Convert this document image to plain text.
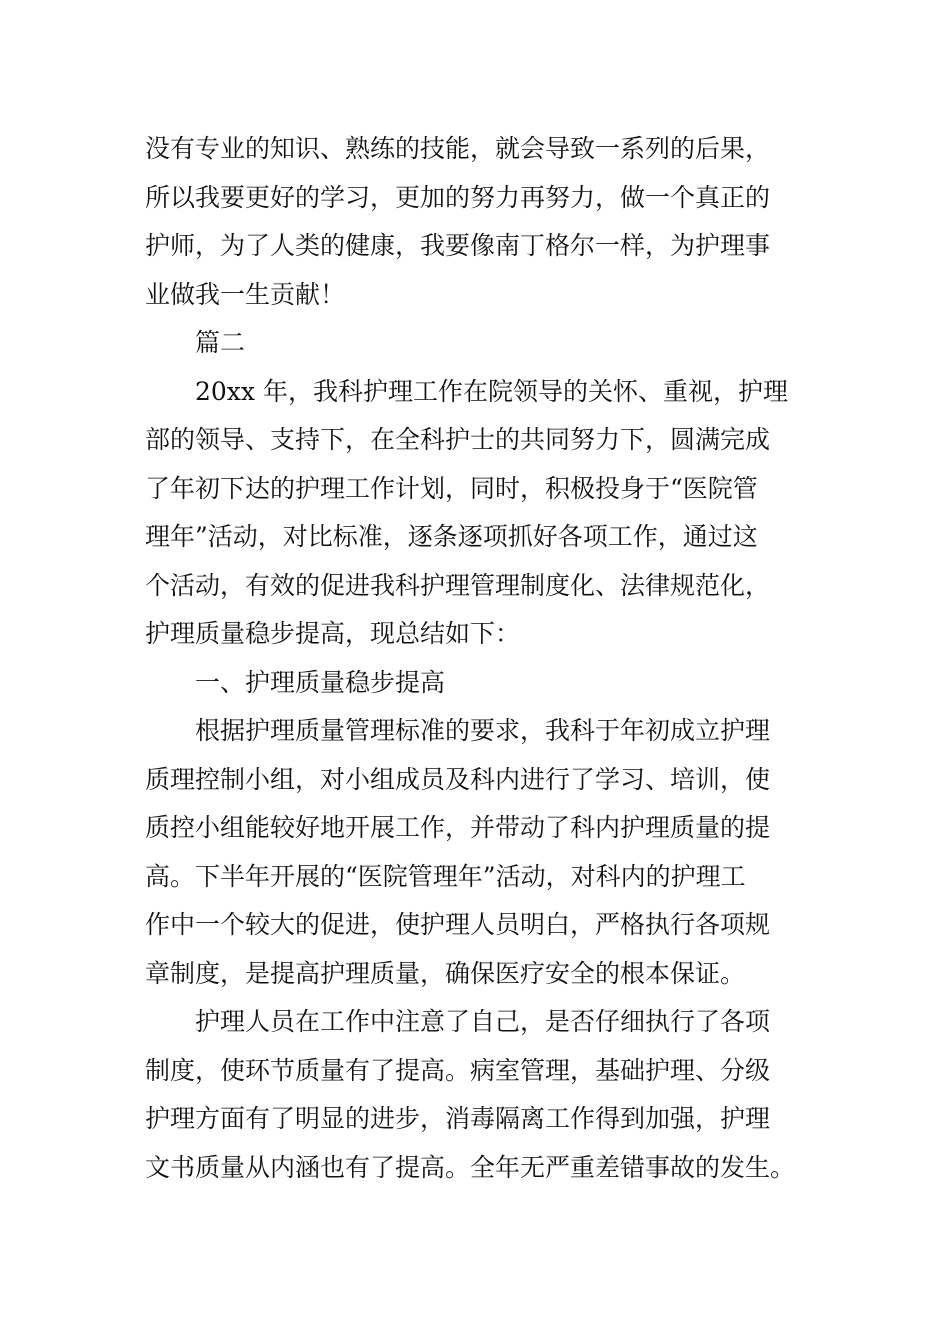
没有专业的知识、熟练的技能，就会导致一系列的后果，
所以我要更好的学习，更加的努力再努力，做一个真正的
护师，为了人类的健康，我要像南丁格尔一样，为护理事
业做我一生贡献！
篇二
20xx 年，我科护理工作在院领导的关怀、重视，护理
部的领导、支持下，在全科护士的共同努力下，圆满完成
了年初下达的护理工作计划，同时，积极投身于“医院管
理年”活动，对比标准，逐条逐项抓好各项工作，通过这
个活动，有效的促进我科护理管理制度化、法律规范化，
护理质量稳步提高，现总结如下：
一、护理质量稳步提高
根据护理质量管理标准的要求，我科于年初成立护理
质理控制小组，对小组成员及科内进行了学习、培训，使
质控小组能较好地开展工作，并带动了科内护理质量的提
高。下半年开展的“医院管理年”活动，对科内的护理工
作中一个较大的促进，使护理人员明白，严格执行各项规
章制度，是提高护理质量，确保医疗安全的根本保证。
护理人员在工作中注意了自己，是否仔细执行了各项
制度，使环节质量有了提高。病室管理，基础护理、分级
护理方面有了明显的进步，消毒隔离工作得到加强，护理
文书质量从内涵也有了提高。全年无严重差错事故的发生。
